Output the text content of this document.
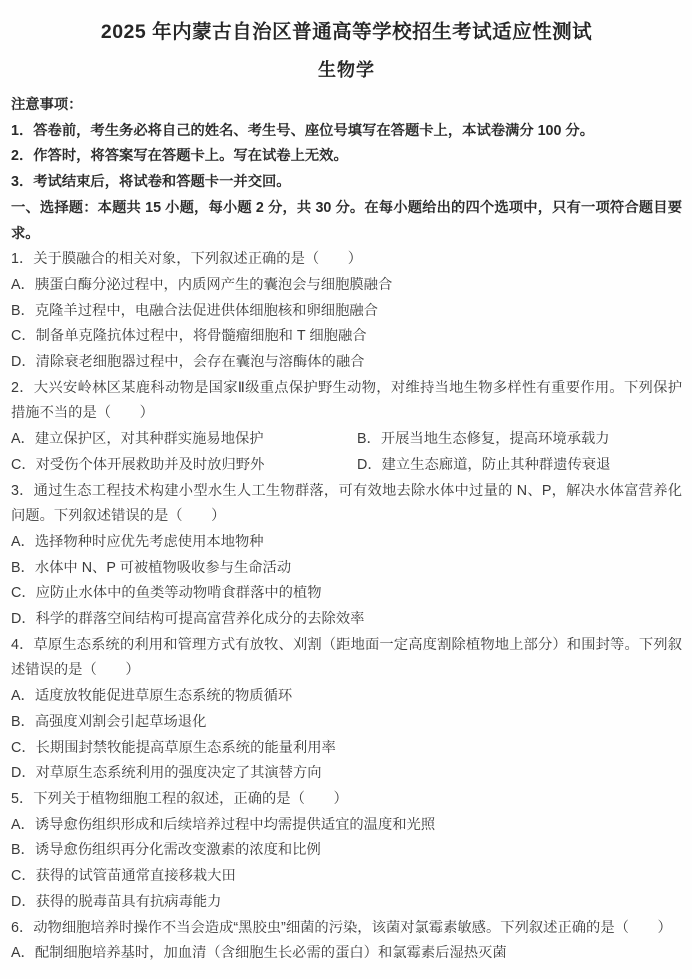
2025 年内蒙古自治区普通高等学校招生考试适应性测试
生物学

注意事项：

1．答卷前，考生务必将自己的姓名、考生号、座位号填写在答题卡上，本试卷满分 100 分。

2．作答时，将答案写在答题卡上。写在试卷上无效。

3．考试结束后，将试卷和答题卡一并交回。

一、选择题：本题共 15 小题，每小题 2 分，共 30 分。在每小题给出的四个选项中，只有一项符合题目要求。

1．关于膜融合的相关对象，下列叙述正确的是（　　）

A．胰蛋白酶分泌过程中，内质网产生的囊泡会与细胞膜融合

B．克隆羊过程中，电融合法促进供体细胞核和卵细胞融合

C．制备单克隆抗体过程中，将骨髓瘤细胞和 T 细胞融合

D．清除衰老细胞器过程中，会存在囊泡与溶酶体的融合

2．大兴安岭林区某鹿科动物是国家Ⅱ级重点保护野生动物，对维持当地生物多样性有重要作用。下列保护措施不当的是（　　）

A．建立保护区，对其种群实施易地保护	B．开展当地生态修复，提高环境承载力

C．对受伤个体开展救助并及时放归野外	D．建立生态廊道，防止其种群遗传衰退

3．通过生态工程技术构建小型水生人工生物群落，可有效地去除水体中过量的 N、P，解决水体富营养化问题。下列叙述错误的是（　　）

A．选择物种时应优先考虑使用本地物种

B．水体中 N、P 可被植物吸收参与生命活动

C．应防止水体中的鱼类等动物啃食群落中的植物

D．科学的群落空间结构可提高富营养化成分的去除效率

4．草原生态系统的利用和管理方式有放牧、刈割（距地面一定高度割除植物地上部分）和围封等。下列叙述错误的是（　　）

A．适度放牧能促进草原生态系统的物质循环

B．高强度刈割会引起草场退化

C．长期围封禁牧能提高草原生态系统的能量利用率

D．对草原生态系统利用的强度决定了其演替方向

5．下列关于植物细胞工程的叙述，正确的是（　　）

A．诱导愈伤组织形成和后续培养过程中均需提供适宜的温度和光照

B．诱导愈伤组织再分化需改变激素的浓度和比例

C．获得的试管苗通常直接移栽大田

D．获得的脱毒苗具有抗病毒能力

6．动物细胞培养时操作不当会造成“黑胶虫”细菌的污染，该菌对氯霉素敏感。下列叙述正确的是（　　）

A．配制细胞培养基时，加血清（含细胞生长必需的蛋白）和氯霉素后湿热灭菌
